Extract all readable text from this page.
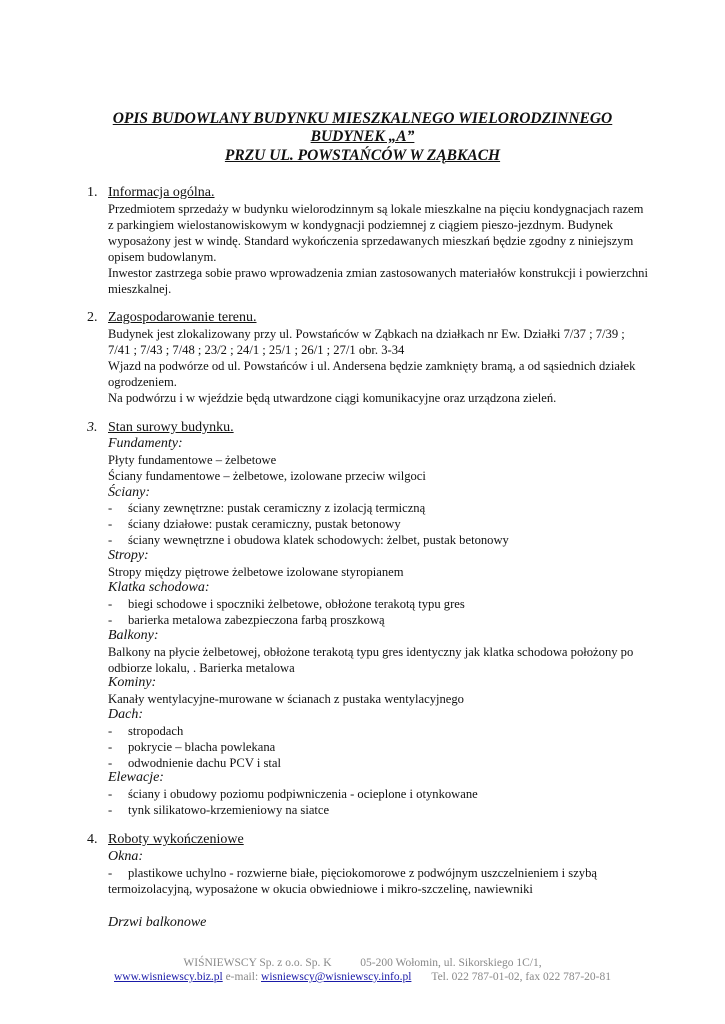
OPIS BUDOWLANY BUDYNKU MIESZKALNEGO WIELORODZINNEGO
BUDYNEK „A”
PRZU UL. POWSTAŃCÓW W ZĄBKACH
1. Informacja ogólna.
Przedmiotem sprzedaży w budynku wielorodzinnym są lokale mieszkalne na pięciu kondygnacjach razem
z parkingiem wielostanowiskowym w kondygnacji podziemnej z ciągiem pieszo-jezdnym. Budynek
wyposażony jest w windę. Standard wykończenia sprzedawanych mieszkań będzie zgodny z niniejszym
opisem budowlanym.
Inwestor zastrzega sobie prawo wprowadzenia zmian zastosowanych materiałów konstrukcji i powierzchni
mieszkalnej.
2. Zagospodarowanie terenu.
Budynek jest zlokalizowany przy ul. Powstańców w Ząbkach na działkach nr Ew. Działki 7/37 ; 7/39 ;
7/41 ; 7/43 ; 7/48 ; 23/2 ; 24/1 ; 25/1 ; 26/1 ; 27/1 obr. 3-34
Wjazd na podwórze od ul. Powstańców i ul. Andersena będzie zamknięty bramą, a od sąsiednich działek
ogrodzeniem.
Na podwórzu i w wjeździe będą utwardzone ciągi komunikacyjne oraz urządzona zieleń.
3. Stan surowy budynku.
Fundamenty:
Płyty fundamentowe – żelbetowe
Ściany fundamentowe – żelbetowe, izolowane przeciw wilgoci
Ściany:
- ściany zewnętrzne: pustak ceramiczny z izolacją termiczną
- ściany działowe: pustak ceramiczny, pustak betonowy
- ściany wewnętrzne i obudowa klatek schodowych: żelbet, pustak betonowy
Stropy:
Stropy między piętrowe żelbetowe izolowane styropianem
Klatka schodowa:
- biegi schodowe i spoczniki żelbetowe, obłożone terakotą typu gres
- barierka metalowa zabezpieczona farbą proszkową
Balkony:
Balkony na płycie żelbetowej, obłożone terakotą typu gres identyczny jak klatka schodowa położony po
odbiorze lokalu, . Barierka metalowa
Kominy:
Kanały wentylacyjne-murowane w ścianach z pustaka wentylacyjnego
Dach:
- stropodach
- pokrycie – blacha powlekana
- odwodnienie dachu PCV i stal
Elewacje:
- ściany i obudowy poziomu podpiwniczenia - ocieplone i otynkowane
- tynk silikatowo-krzemieniowy na siatce
4. Roboty wykończeniowe
Okna:
- plastikowe uchylno - rozwierne białe, pięciokomorowe z podwójnym uszczelnieniem i szybą
termoizolacyjną, wyposażone w okucia obwiedniowe i mikro-szczelinę, nawiewniki
Drzwi balkonowe
WIŚNIEWSCY Sp. z o.o. Sp. K	05-200 Wołomin, ul. Sikorskiego 1C/1,
www.wisniewscy.biz.pl e-mail: wisniewscy@wisniewscy.info.pl Tel. 022 787-01-02, fax 022 787-20-81
